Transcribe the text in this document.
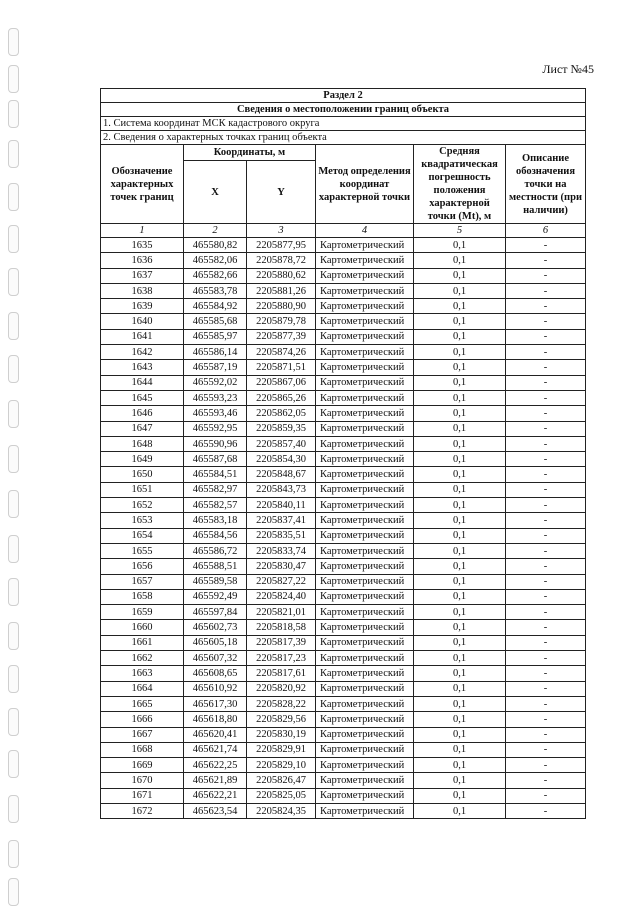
Лист №45
Раздел 2					
Сведения о местоположении границ объекта					
1. Система координат МСК кадастрового округа					
2. Сведения о характерных точках границ объекта					
Обозначение характерных точек границ	Координаты, м		Метод определения координат характерной точки	Средняя квадратическая погрешность положения характерной точки (Mt), м	Описание обозначения точки на местности (при наличии)
	X	Y			
1	2	3	4	5	6
1635	465580,82	2205877,95	Картометрический	0,1	-
1636	465582,06	2205878,72	Картометрический	0,1	-
1637	465582,66	2205880,62	Картометрический	0,1	-
1638	465583,78	2205881,26	Картометрический	0,1	-
1639	465584,92	2205880,90	Картометрический	0,1	-
1640	465585,68	2205879,78	Картометрический	0,1	-
1641	465585,97	2205877,39	Картометрический	0,1	-
1642	465586,14	2205874,26	Картометрический	0,1	-
1643	465587,19	2205871,51	Картометрический	0,1	-
1644	465592,02	2205867,06	Картометрический	0,1	-
1645	465593,23	2205865,26	Картометрический	0,1	-
1646	465593,46	2205862,05	Картометрический	0,1	-
1647	465592,95	2205859,35	Картометрический	0,1	-
1648	465590,96	2205857,40	Картометрический	0,1	-
1649	465587,68	2205854,30	Картометрический	0,1	-
1650	465584,51	2205848,67	Картометрический	0,1	-
1651	465582,97	2205843,73	Картометрический	0,1	-
1652	465582,57	2205840,11	Картометрический	0,1	-
1653	465583,18	2205837,41	Картометрический	0,1	-
1654	465584,56	2205835,51	Картометрический	0,1	-
1655	465586,72	2205833,74	Картометрический	0,1	-
1656	465588,51	2205830,47	Картометрический	0,1	-
1657	465589,58	2205827,22	Картометрический	0,1	-
1658	465592,49	2205824,40	Картометрический	0,1	-
1659	465597,84	2205821,01	Картометрический	0,1	-
1660	465602,73	2205818,58	Картометрический	0,1	-
1661	465605,18	2205817,39	Картометрический	0,1	-
1662	465607,32	2205817,23	Картометрический	0,1	-
1663	465608,65	2205817,61	Картометрический	0,1	-
1664	465610,92	2205820,92	Картометрический	0,1	-
1665	465617,30	2205828,22	Картометрический	0,1	-
1666	465618,80	2205829,56	Картометрический	0,1	-
1667	465620,41	2205830,19	Картометрический	0,1	-
1668	465621,74	2205829,91	Картометрический	0,1	-
1669	465622,25	2205829,10	Картометрический	0,1	-
1670	465621,89	2205826,47	Картометрический	0,1	-
1671	465622,21	2205825,05	Картометрический	0,1	-
1672	465623,54	2205824,35	Картометрический	0,1	-
